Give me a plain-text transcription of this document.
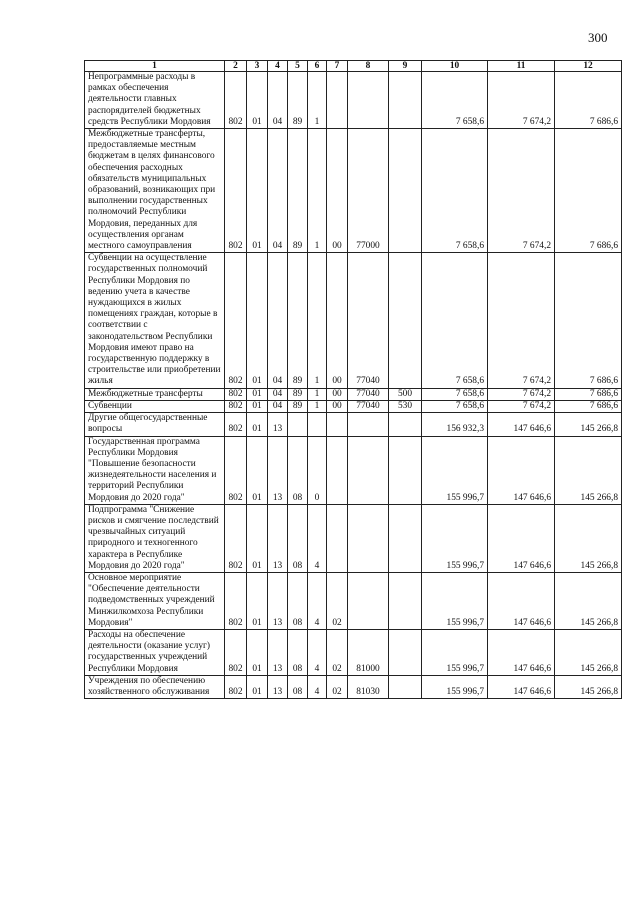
300
1	2	3	4	5	6	7	8	9	10	11	12
Непрограммные расходы в рамках обеспечения деятельности главных распорядителей бюджетных средств Республики Мордовия	802	01	04	89	1				7 658,6	7 674,2	7 686,6
Межбюджетные трансферты, предоставляемые местным бюджетам в целях финансового обеспечения расходных обязательств муниципальных образований, возникающих при выполнении государственных полномочий Республики Мордовия, переданных для осуществления органам местного самоуправления	802	01	04	89	1	00	77000		7 658,6	7 674,2	7 686,6
Субвенции на осуществление государственных полномочий Республики Мордовия по ведению учета в качестве нуждающихся в жилых помещениях граждан, которые в соответствии с законодательством Республики Мордовия имеют право на государственную поддержку в строительстве или приобретении жилья	802	01	04	89	1	00	77040		7 658,6	7 674,2	7 686,6
Межбюджетные трансферты	802	01	04	89	1	00	77040	500	7 658,6	7 674,2	7 686,6
Субвенции	802	01	04	89	1	00	77040	530	7 658,6	7 674,2	7 686,6
Другие общегосударственные вопросы	802	01	13						156 932,3	147 646,6	145 266,8
Государственная программа Республики Мордовия "Повышение безопасности жизнедеятельности населения и территорий Республики Мордовия до 2020 года"	802	01	13	08	0				155 996,7	147 646,6	145 266,8
Подпрограмма "Снижение рисков и смягчение последствий чрезвычайных ситуаций природного и техногенного характера в Республике Мордовия до 2020 года"	802	01	13	08	4				155 996,7	147 646,6	145 266,8
Основное мероприятие "Обеспечение деятельности подведомственных учреждений Минжилкомхоза Республики Мордовия"	802	01	13	08	4	02			155 996,7	147 646,6	145 266,8
Расходы на обеспечение деятельности (оказание услуг) государственных учреждений Республики Мордовия	802	01	13	08	4	02	81000		155 996,7	147 646,6	145 266,8
Учреждения по обеспечению хозяйственного обслуживания	802	01	13	08	4	02	81030		155 996,7	147 646,6	145 266,8
